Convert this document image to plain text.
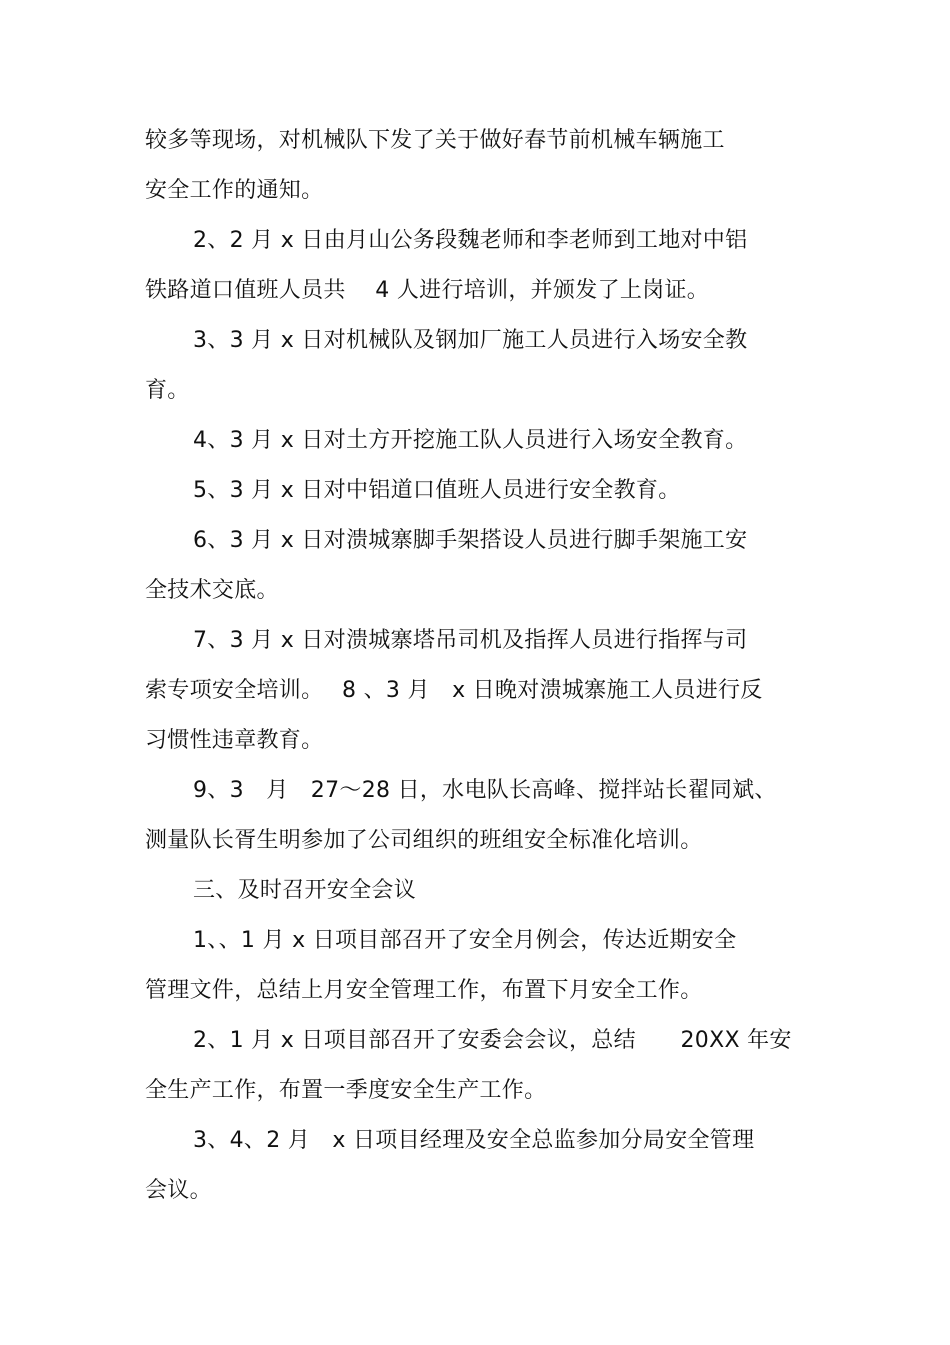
较多等现场，对机械队下发了关于做好春节前机械车辆施工
安全工作的通知。
2、2 月 x 日由月山公务段魏老师和李老师到工地对中铝
铁路道口值班人员共　 4 人进行培训，并颁发了上岗证。
3、3 月 x 日对机械队及钢加厂施工人员进行入场安全教
育。
4、3 月 x 日对土方开挖施工队人员进行入场安全教育。
5、3 月 x 日对中铝道口值班人员进行安全教育。
6、3 月 x 日对溃城寨脚手架搭设人员进行脚手架施工安
全技术交底。
7、3 月 x 日对溃城寨塔吊司机及指挥人员进行指挥与司
索专项安全培训。　 8 、3 月　x 日晚对溃城寨施工人员进行反
习惯性违章教育。
9、3　月　27～28 日，水电队长高峰、搅拌站长翟同斌、
测量队长胥生明参加了公司组织的班组安全标准化培训。
三、及时召开安全会议
1、、1 月 x 日项目部召开了安全月例会，传达近期安全
管理文件，总结上月安全管理工作，布置下月安全工作。
2、1 月 x 日项目部召开了安委会会议，总结　　20XX 年安
全生产工作，布置一季度安全生产工作。
3、4、2 月　x 日项目经理及安全总监参加分局安全管理
会议。
